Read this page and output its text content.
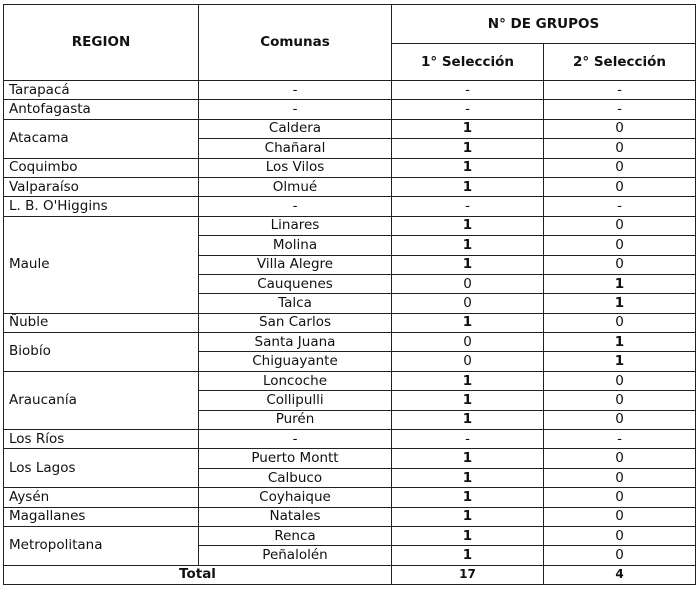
REGION	Comunas	N° DE GRUPOS	
		1° Selección	2° Selección
Tarapacá	-	-	-
Antofagasta	-	-	-
Atacama	Caldera	1	0
	Chañaral	1	0
Coquimbo	Los Vilos	1	0
Valparaíso	Olmué	1	0
L. B. O'Higgins	-	-	-
Maule	Linares	1	0
	Molina	1	0
	Villa Alegre	1	0
	Cauquenes	0	1
	Talca	0	1
Ñuble	San Carlos	1	0
Biobío	Santa Juana	0	1
	Chiguayante	0	1
Araucanía	Loncoche	1	0
	Collipulli	1	0
	Purén	1	0
Los Ríos	-	-	-
Los Lagos	Puerto Montt	1	0
	Calbuco	1	0
Aysén	Coyhaique	1	0
Magallanes	Natales	1	0
Metropolitana	Renca	1	0
	Peñalolén	1	0
Total		17	4
